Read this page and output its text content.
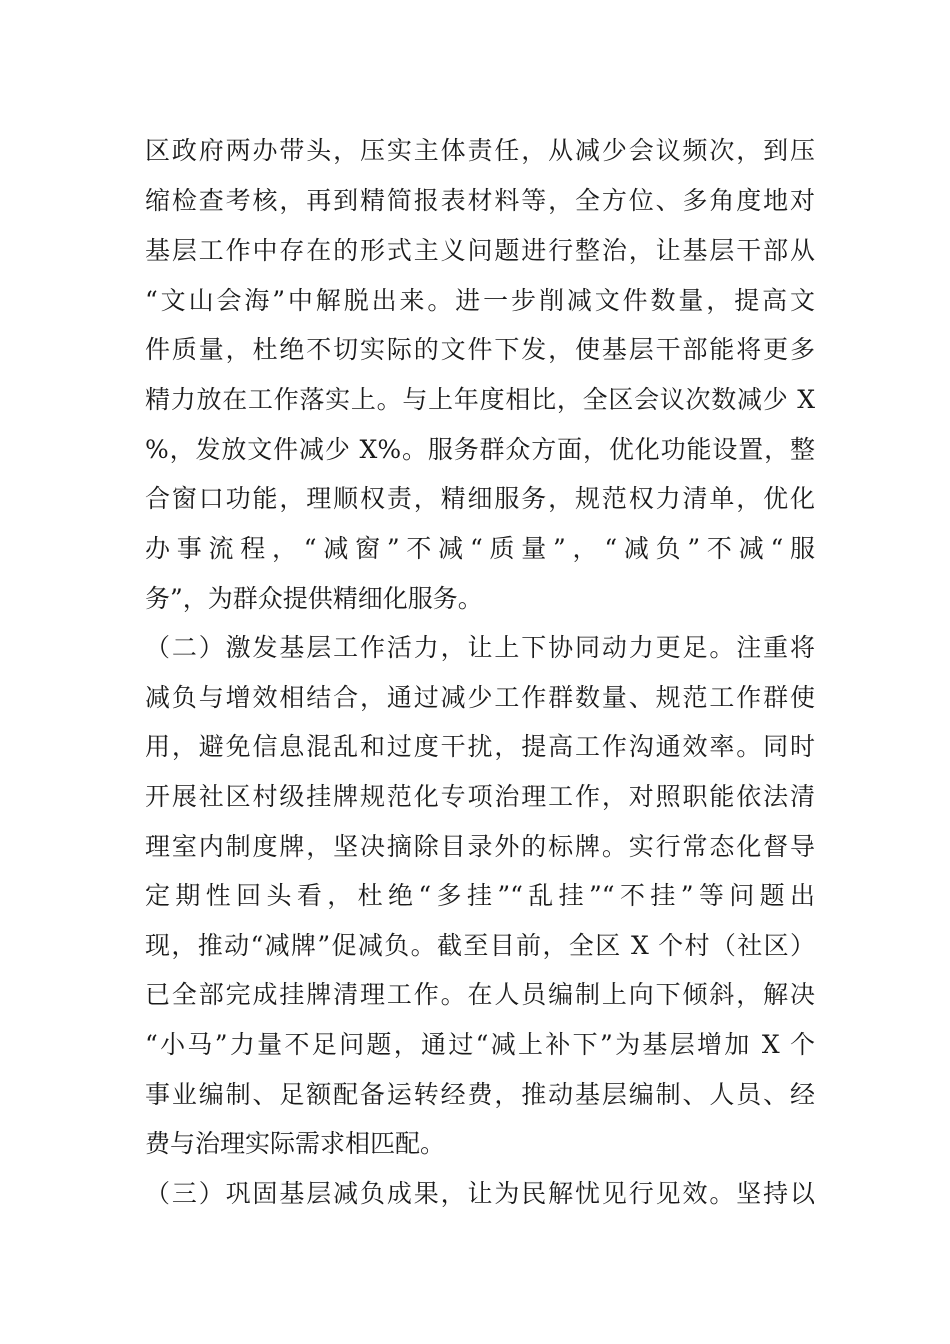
区政府两办带头，压实主体责任，从减少会议频次，到压
缩检查考核，再到精简报表材料等，全方位、多角度地对
基层工作中存在的形式主义问题进行整治，让基层干部从
“文山会海”中解脱出来。进一步削减文件数量，提高文
件质量，杜绝不切实际的文件下发，使基层干部能将更多
精力放在工作落实上。与上年度相比，全区会议次数减少 X
%，发放文件减少 X%。服务群众方面，优化功能设置，整
合窗口功能，理顺权责，精细服务，规范权力清单，优化
办事流程，“减窗”不减“质量”，“减负”不减“服
务”，为群众提供精细化服务。
（二）激发基层工作活力，让上下协同动力更足。注重将
减负与增效相结合，通过减少工作群数量、规范工作群使
用，避免信息混乱和过度干扰，提高工作沟通效率。同时
开展社区村级挂牌规范化专项治理工作，对照职能依法清
理室内制度牌，坚决摘除目录外的标牌。实行常态化督导
定期性回头看，杜绝“多挂”“乱挂”“不挂”等问题出
现，推动“减牌”促减负。截至目前，全区 X 个村（社区）
已全部完成挂牌清理工作。在人员编制上向下倾斜，解决
“小马”力量不足问题，通过“减上补下”为基层增加 X 个
事业编制、足额配备运转经费，推动基层编制、人员、经
费与治理实际需求相匹配。
（三）巩固基层减负成果，让为民解忧见行见效。坚持以
